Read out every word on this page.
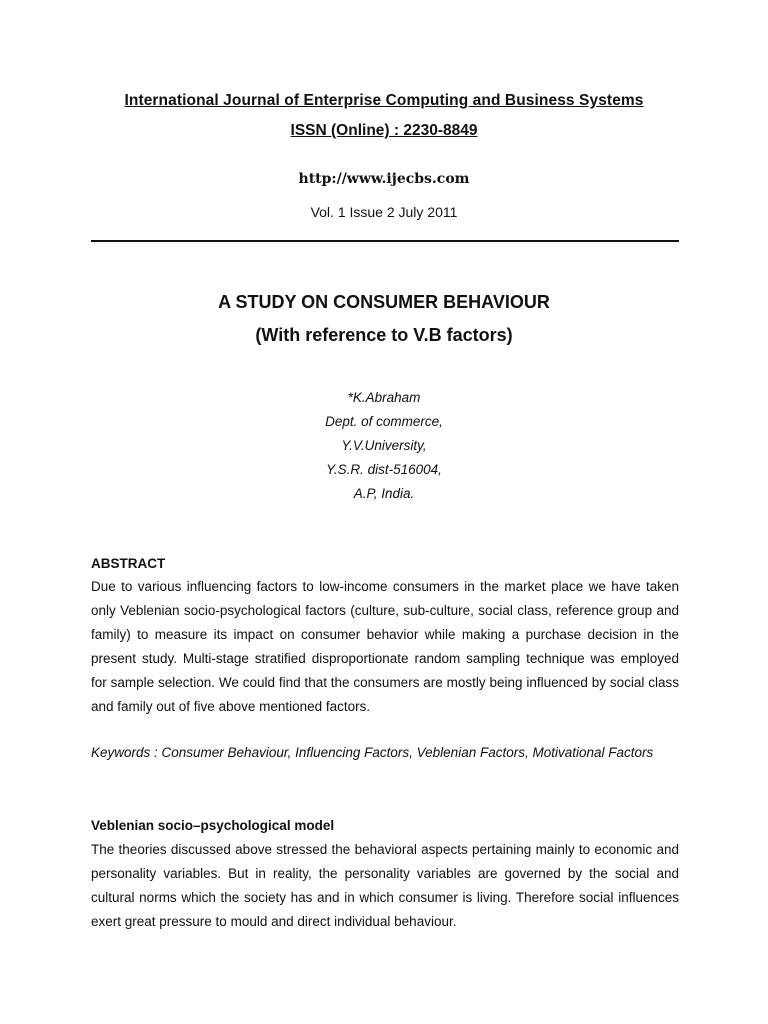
International Journal of Enterprise Computing and Business Systems
ISSN (Online) : 2230-8849
http://www.ijecbs.com
Vol. 1 Issue 2 July 2011
A STUDY ON CONSUMER BEHAVIOUR
(With reference to V.B factors)
*K.Abraham
Dept. of commerce,
Y.V.University,
Y.S.R. dist-516004,
A.P, India.
ABSTRACT
Due to various influencing factors to low-income consumers in the market place we have taken only Veblenian socio-psychological factors (culture, sub-culture, social class, reference group and family) to measure its impact on consumer behavior while making a purchase decision in the present study. Multi-stage stratified disproportionate random sampling technique was employed for sample selection. We could find that the consumers are mostly being influenced by social class and family out of five above mentioned factors.
Keywords : Consumer Behaviour, Influencing Factors, Veblenian Factors, Motivational Factors
Veblenian socio–psychological model
The theories discussed above stressed the behavioral aspects pertaining mainly to economic and personality variables. But in reality, the personality variables are governed by the social and cultural norms which the society has and in which consumer is living. Therefore social influences exert great pressure to mould and direct individual behaviour.
